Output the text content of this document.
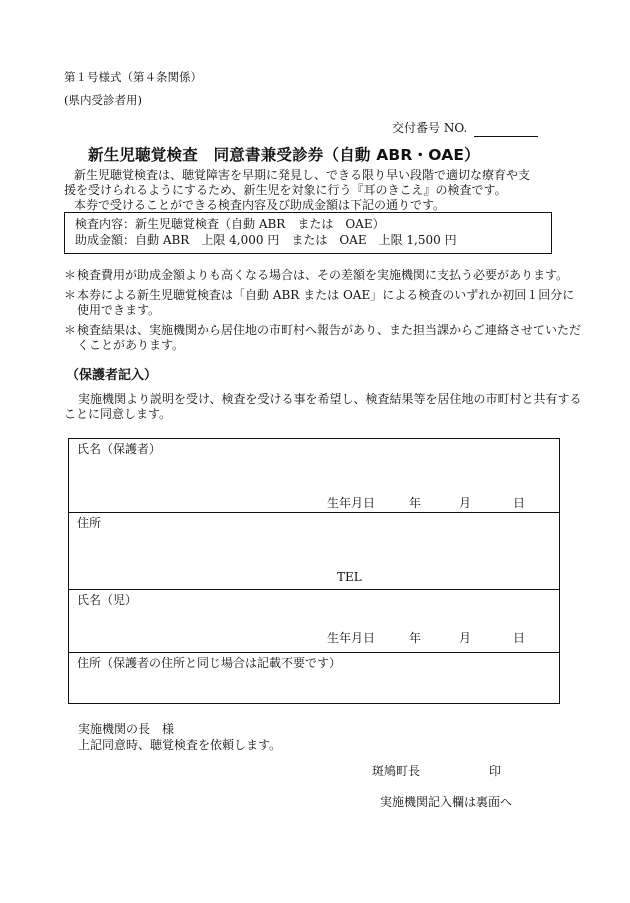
第１号様式（第４条関係）
(県内受診者用)
交付番号 NO.
新生児聴覚検査　同意書兼受診券（自動 ABR・OAE）

新生児聴覚検査は、聴覚障害を早期に発見し、できる限り早い段階で適切な療育や支

援を受けられるようにするため、新生児を対象に行う『耳のきこえ』の検査です。

本券で受けることができる検査内容及び助成金額は下記の通りです。

検査内容：新生児聴覚検査（自動 ABR　または　OAE）
助成金額：自動 ABR　上限 4,000 円　または　OAE　上限 1,500 円
＊ 検査費用が助成金額よりも高くなる場合は、その差額を実施機関に支払う必要があります。
＊ 本券による新生児聴覚検査は「自動 ABR または OAE」による検査のいずれか初回１回分に使用できます。
＊ 検査結果は、実施機関から居住地の市町村へ報告があり、また担当課からご連絡させていただくことがあります。
（保護者記入）
実施機関より説明を受け、検査を受ける事を希望し、検査結果等を居住地の市町村と共有することに同意します。
氏名（保護者）
生年月日	年	月	日
住所
TEL
氏名（児）
生年月日	年	月	日
住所（保護者の住所と同じ場合は記載不要です）
実施機関の長　様
上記同意時、聴覚検査を依頼します。
斑鳩町長	印
実施機関記入欄は裏面へ
